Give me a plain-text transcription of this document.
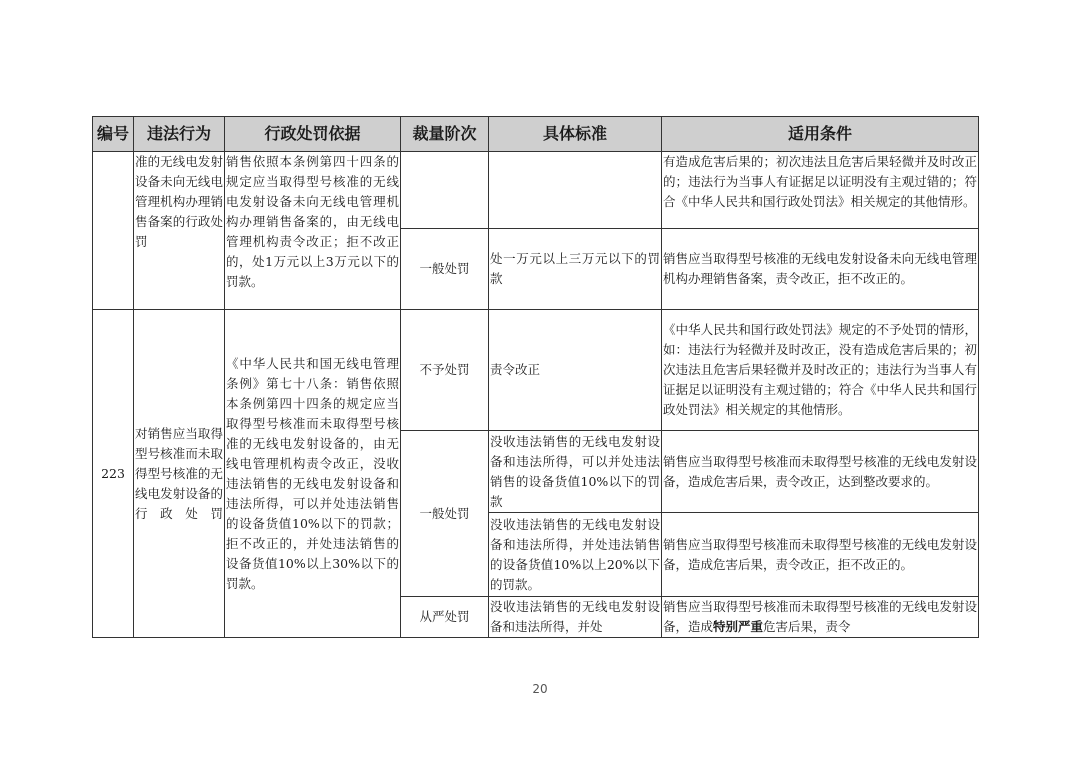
编号	违法行为	行政处罚依据	裁量阶次	具体标准	适用条件
	准的无线电发射设备未向无线电管理机构办理销售备案的行政处罚	销售依照本条例第四十四条的规定应当取得型号核准的无线电发射设备未向无线电管理机构办理销售备案的，由无线电管理机构责令改正；拒不改正的，处1万元以上3万元以下的罚款。			有造成危害后果的；初次违法且危害后果轻微并及时改正的；违法行为当事人有证据足以证明没有主观过错的；符合《中华人民共和国行政处罚法》相关规定的其他情形。
			一般处罚	处一万元以上三万元以下的罚款	销售应当取得型号核准的无线电发射设备未向无线电管理机构办理销售备案，责令改正，拒不改正的。
223	对销售应当取得型号核准而未取得型号核准的无线电发射设备的行政处罚	《中华人民共和国无线电管理条例》第七十八条：销售依照本条例第四十四条的规定应当取得型号核准而未取得型号核准的无线电发射设备的，由无线电管理机构责令改正，没收违法销售的无线电发射设备和违法所得，可以并处违法销售的设备货值10%以下的罚款；拒不改正的，并处违法销售的设备货值10%以上30%以下的罚款。	不予处罚	责令改正	《中华人民共和国行政处罚法》规定的不予处罚的情形，如：违法行为轻微并及时改正，没有造成危害后果的；初次违法且危害后果轻微并及时改正的；违法行为当事人有证据足以证明没有主观过错的；符合《中华人民共和国行政处罚法》相关规定的其他情形。
			一般处罚	没收违法销售的无线电发射设备和违法所得，可以并处违法销售的设备货值10%以下的罚款	销售应当取得型号核准而未取得型号核准的无线电发射设备，造成危害后果，责令改正，达到整改要求的。
				没收违法销售的无线电发射设备和违法所得，并处违法销售的设备货值10%以上20%以下的罚款。	销售应当取得型号核准而未取得型号核准的无线电发射设备，造成危害后果，责令改正，拒不改正的。
			从严处罚	没收违法销售的无线电发射设备和违法所得，并处	销售应当取得型号核准而未取得型号核准的无线电发射设备，造成特别严重危害后果，责令
20
